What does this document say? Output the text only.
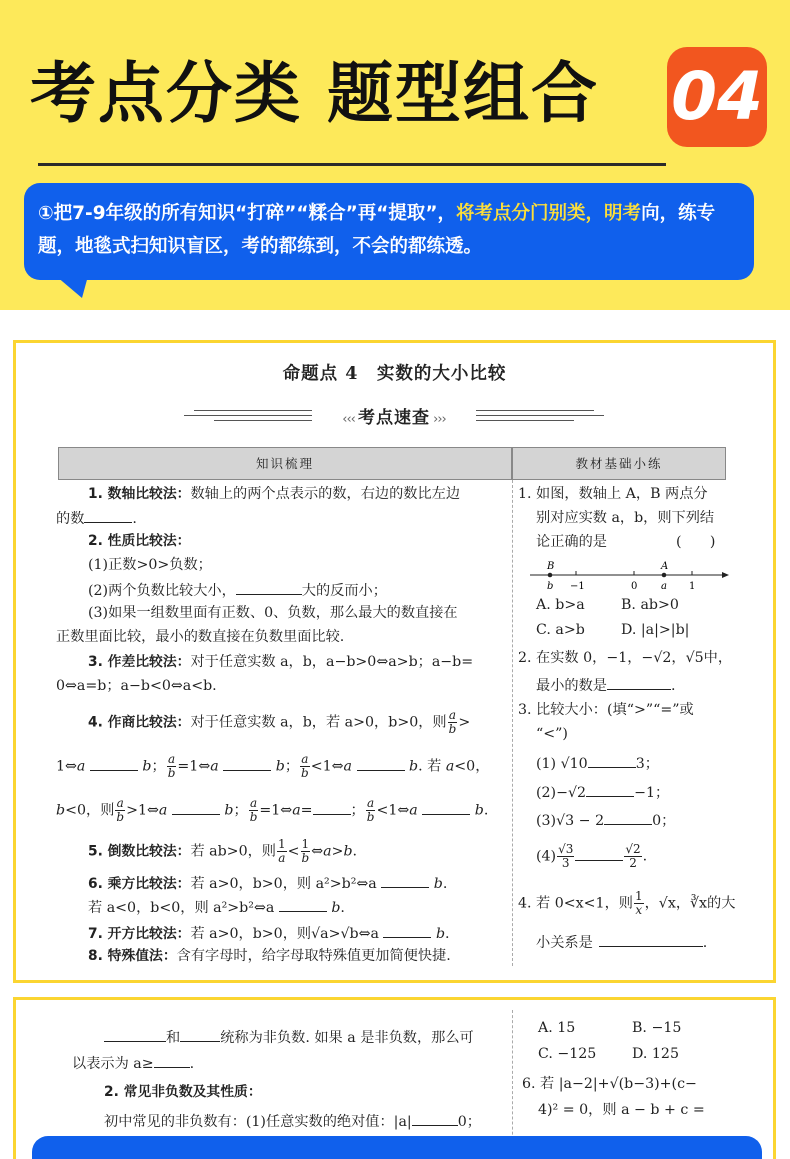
考点分类 题型组合 04
①把7-9年级的所有知识“打碎”“糅合”再“提取”，将考点分门别类，明考向，练专题，地毯式扫知识盲区，考的都练到，不会的都练透。
命题点 4　实数的大小比较
‹‹‹ 考点速查 ›››
知识梳理	教材基础小练
1. 数轴比较法：数轴上的两个点表示的数，右边的数比左边
的数	.
2. 性质比较法：
(1)正数>0>负数；
(2)两个负数比较大小，	大的反而小；
(3)如果一组数里面有正数、0、负数，那么最大的数直接在
正数里面比较，最小的数直接在负数里面比较.
3. 作差比较法：对于任意实数 a，b，a−b>0⇔a>b；a−b=
0⇔a=b；a−b<0⇔a<b.
4. 作商比较法：对于任意实数 a，b，若 a>0，b>0，则 $\frac{a}{b}$ >
1⇔a	b； $\frac{a}{b}$ =1⇔a	b； $\frac{a}{b}$ <1⇔a	b. 若 a<0，
b<0，则 $\frac{a}{b}$ >1⇔a	b； $\frac{a}{b}$ =1⇔a=	； $\frac{a}{b}$ <1⇔a	b.
5. 倒数比较法：若 ab>0，则 $\frac{1}{a} < \frac{1}{b}$ ⇔a>b.
6. 乘方比较法：若 a>0，b>0，则 a²>b²⇔a	b.
若 a<0，b<0，则 a²>b²⇔a	b.
7. 开方比较法：若 a>0，b>0，则√a>√b⇔a	b.
8. 特殊值法：含有字母时，给字母取特殊值更加简便快捷.
1. 如图，数轴上 A，B 两点分
别对应实数 a，b，则下列结
论正确的是	(　　)
B
b −1	0
A
a 1
A. b>a	B. ab>0
C. a>b	D. |a|>|b|
2. 在实数 0，−1，−√2，√5中，
最小的数是	.
3. 比较大小：(填“>”“=”或
“<”)
(1) √10	3；
(2)−√2	−1；
(3)√3 − 2	0；
$(4) \frac{√3}{3}$	$\frac{√2}{2}$ .
4. 若 0<x<1，则 $\frac{1}{x}$ ，√x，∛x的大
小关系是	.
和	统称为非负数. 如果 a 是非负数，那么可
以表示为 a≥	.
2. 常见非负数及其性质：
初中常见的非负数有：(1)任意实数的绝对值：|a|	0；
A. 15	B. −15
C. −125	D. 125
6. 若 |a−2|+√(b−3)+(c−
4)² = 0，则 a − b + c =
